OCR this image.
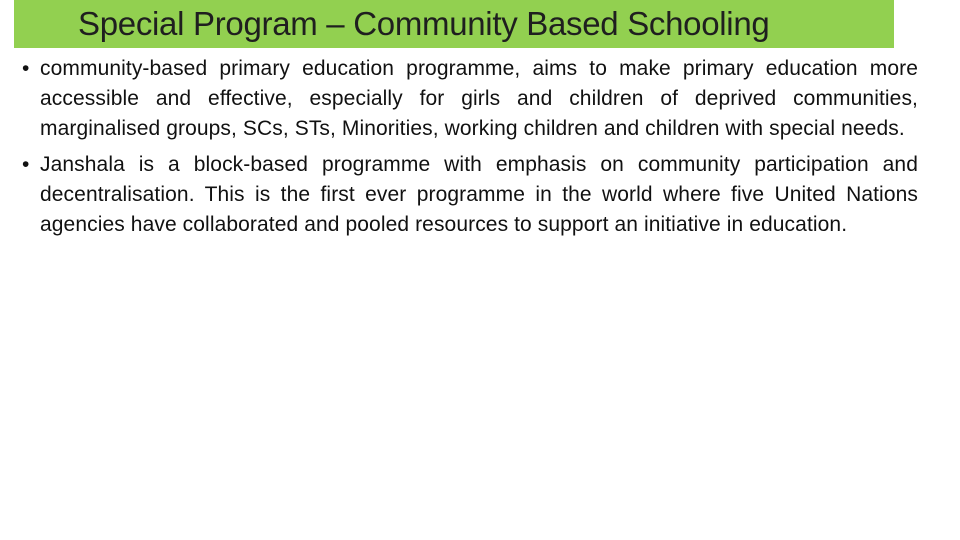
Special Program – Community Based Schooling
• community-based primary education programme, aims to make primary education more accessible and effective, especially for girls and children of deprived communities, marginalised groups, SCs, STs, Minorities, working children and children with special needs.
• Janshala is a block-based programme with emphasis on community participation and decentralisation. This is the first ever programme in the world where five United Nations agencies have collaborated and pooled resources to support an initiative in education.
